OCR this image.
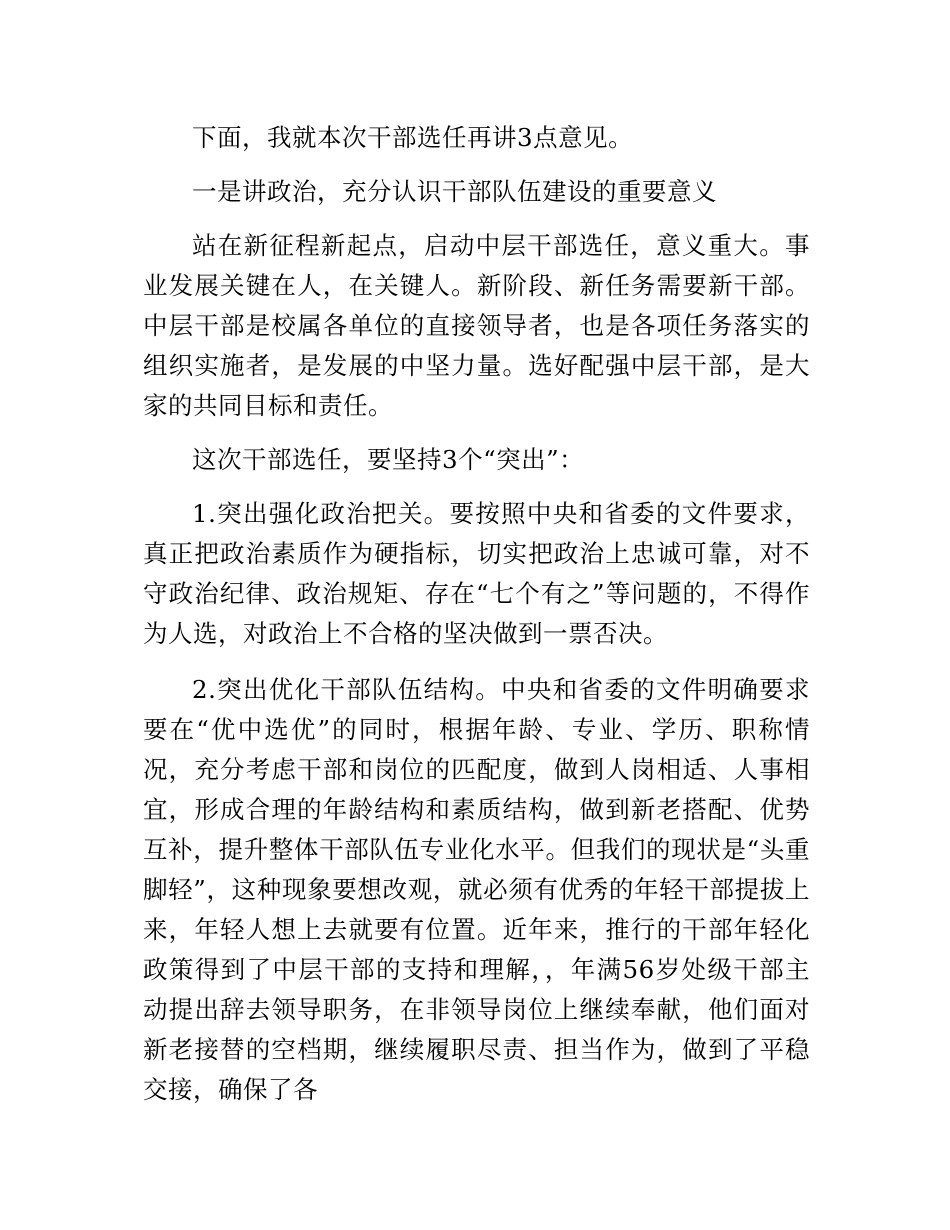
下面，我就本次干部选任再讲3点意见。

一是讲政治，充分认识干部队伍建设的重要意义

站在新征程新起点，启动中层干部选任，意义重大。事业发展关键在人，在关键人。新阶段、新任务需要新干部。中层干部是校属各单位的直接领导者，也是各项任务落实的组织实施者，是发展的中坚力量。选好配强中层干部，是大家的共同目标和责任。

这次干部选任，要坚持3个“突出”：

1.突出强化政治把关。要按照中央和省委的文件要求，真正把政治素质作为硬指标，切实把政治上忠诚可靠，对不守政治纪律、政治规矩、存在“七个有之”等问题的，不得作为人选，对政治上不合格的坚决做到一票否决。

2.突出优化干部队伍结构。中央和省委的文件明确要求要在“优中选优”的同时，根据年龄、专业、学历、职称情况，充分考虑干部和岗位的匹配度，做到人岗相适、人事相宜，形成合理的年龄结构和素质结构，做到新老搭配、优势互补，提升整体干部队伍专业化水平。但我们的现状是“头重脚轻”，这种现象要想改观，就必须有优秀的年轻干部提拔上来，年轻人想上去就要有位置。近年来，推行的干部年轻化政策得到了中层干部的支持和理解，，年满56岁处级干部主动提出辞去领导职务，在非领导岗位上继续奉献，他们面对新老接替的空档期，继续履职尽责、担当作为，做到了平稳交接，确保了各
